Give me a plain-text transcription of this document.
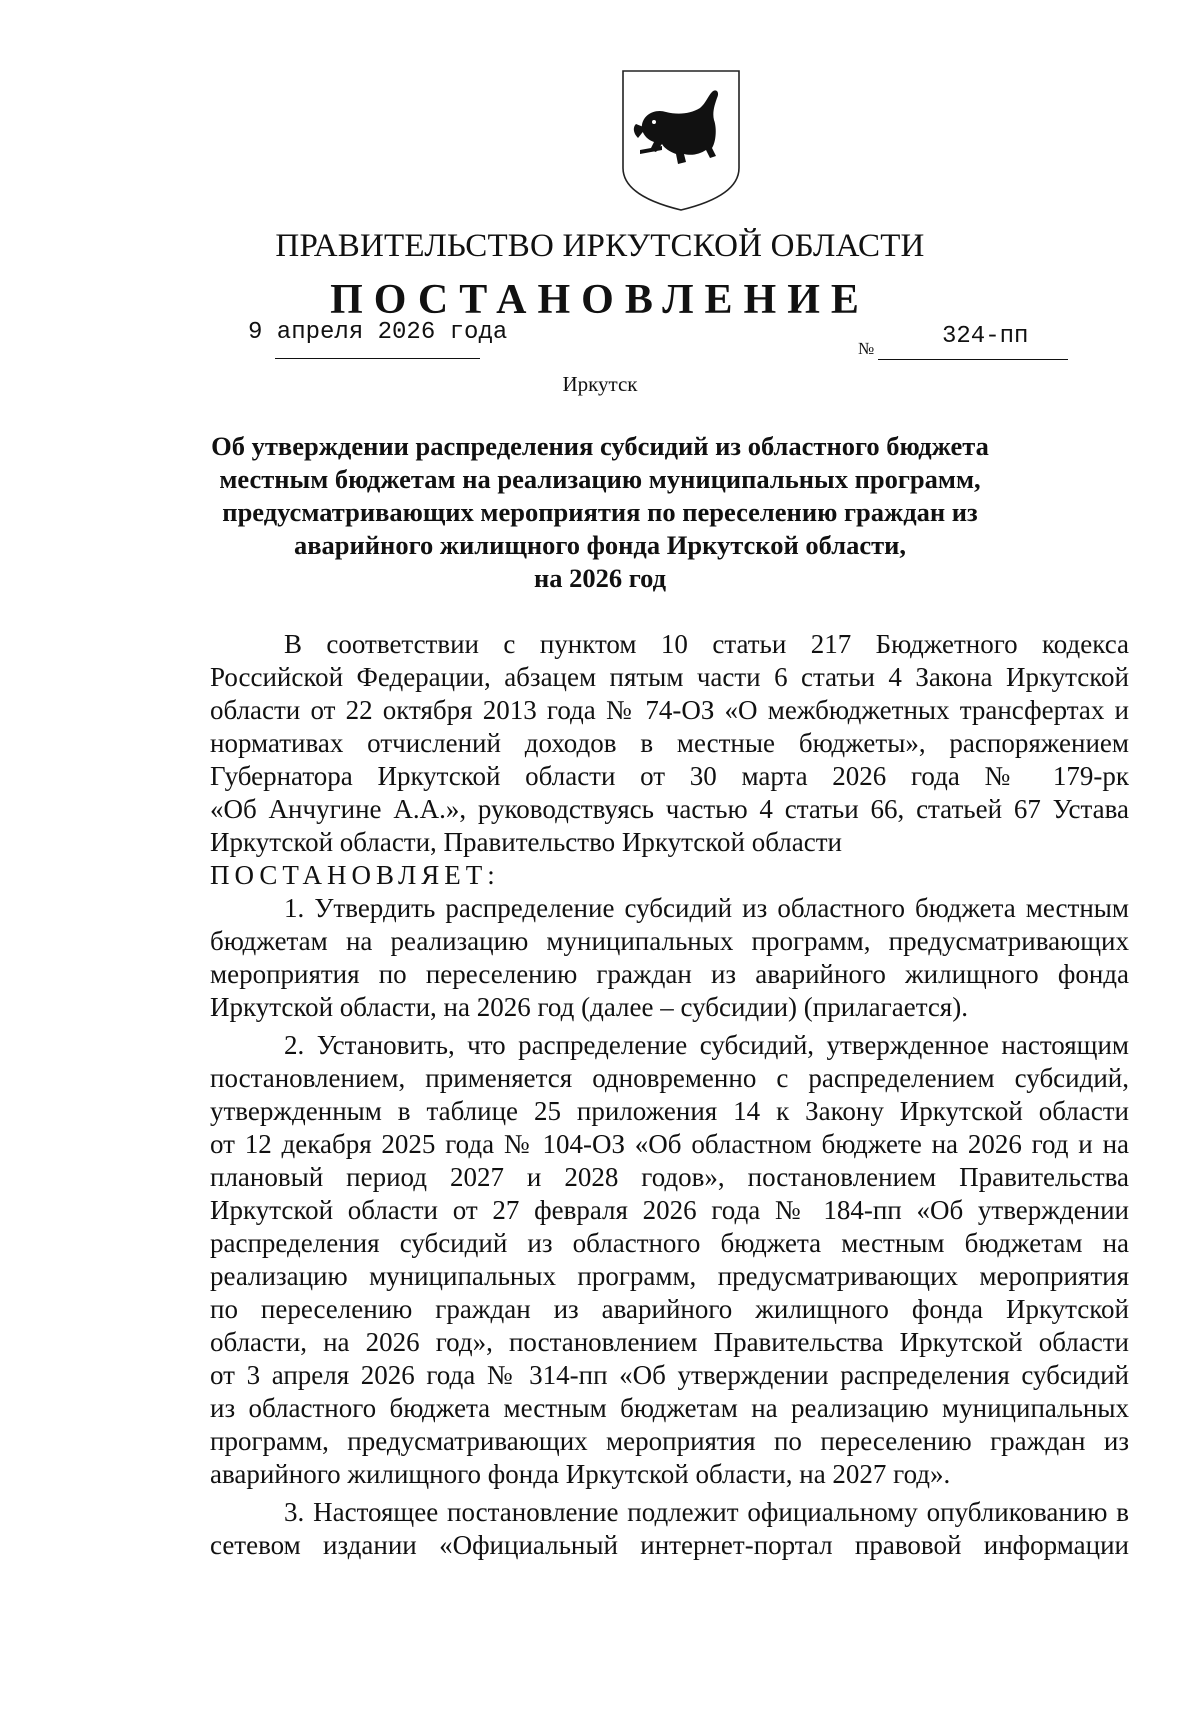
ПРАВИТЕЛЬСТВО ИРКУТСКОЙ ОБЛАСТИ
ПОСТАНОВЛЕНИЕ
9 апреля 2026 года
№	324-пп
Иркутск
Об утверждении распределения субсидий из областного бюджета
местным бюджетам на реализацию муниципальных программ,
предусматривающих мероприятия по переселению граждан из
аварийного жилищного фонда Иркутской области,
на 2026 год
В соответствии с пунктом 10 статьи 217 Бюджетного кодекса
Российской Федерации, абзацем пятым части 6 статьи 4 Закона Иркутской
области от 22 октября 2013 года № 74-ОЗ «О межбюджетных трансфертах и
нормативах отчислений доходов в местные бюджеты», распоряжением
Губернатора Иркутской области от 30 марта 2026 года № 179-рк
«Об Анчугине А.А.», руководствуясь частью 4 статьи 66, статьей 67 Устава
Иркутской области, Правительство Иркутской области
ПОСТАНОВЛЯЕТ:
1. Утвердить распределение субсидий из областного бюджета местным
бюджетам на реализацию муниципальных программ, предусматривающих
мероприятия по переселению граждан из аварийного жилищного фонда
Иркутской области, на 2026 год (далее – субсидии) (прилагается).
2. Установить, что распределение субсидий, утвержденное настоящим
постановлением, применяется одновременно с распределением субсидий,
утвержденным в таблице 25 приложения 14 к Закону Иркутской области
от 12 декабря 2025 года № 104-ОЗ «Об областном бюджете на 2026 год и на
плановый период 2027 и 2028 годов», постановлением Правительства
Иркутской области от 27 февраля 2026 года № 184-пп «Об утверждении
распределения субсидий из областного бюджета местным бюджетам на
реализацию муниципальных программ, предусматривающих мероприятия
по переселению граждан из аварийного жилищного фонда Иркутской
области, на 2026 год», постановлением Правительства Иркутской области
от 3 апреля 2026 года № 314-пп «Об утверждении распределения субсидий
из областного бюджета местным бюджетам на реализацию муниципальных
программ, предусматривающих мероприятия по переселению граждан из
аварийного жилищного фонда Иркутской области, на 2027 год».
3. Настоящее постановление подлежит официальному опубликованию в
сетевом издании «Официальный интернет-портал правовой информации
